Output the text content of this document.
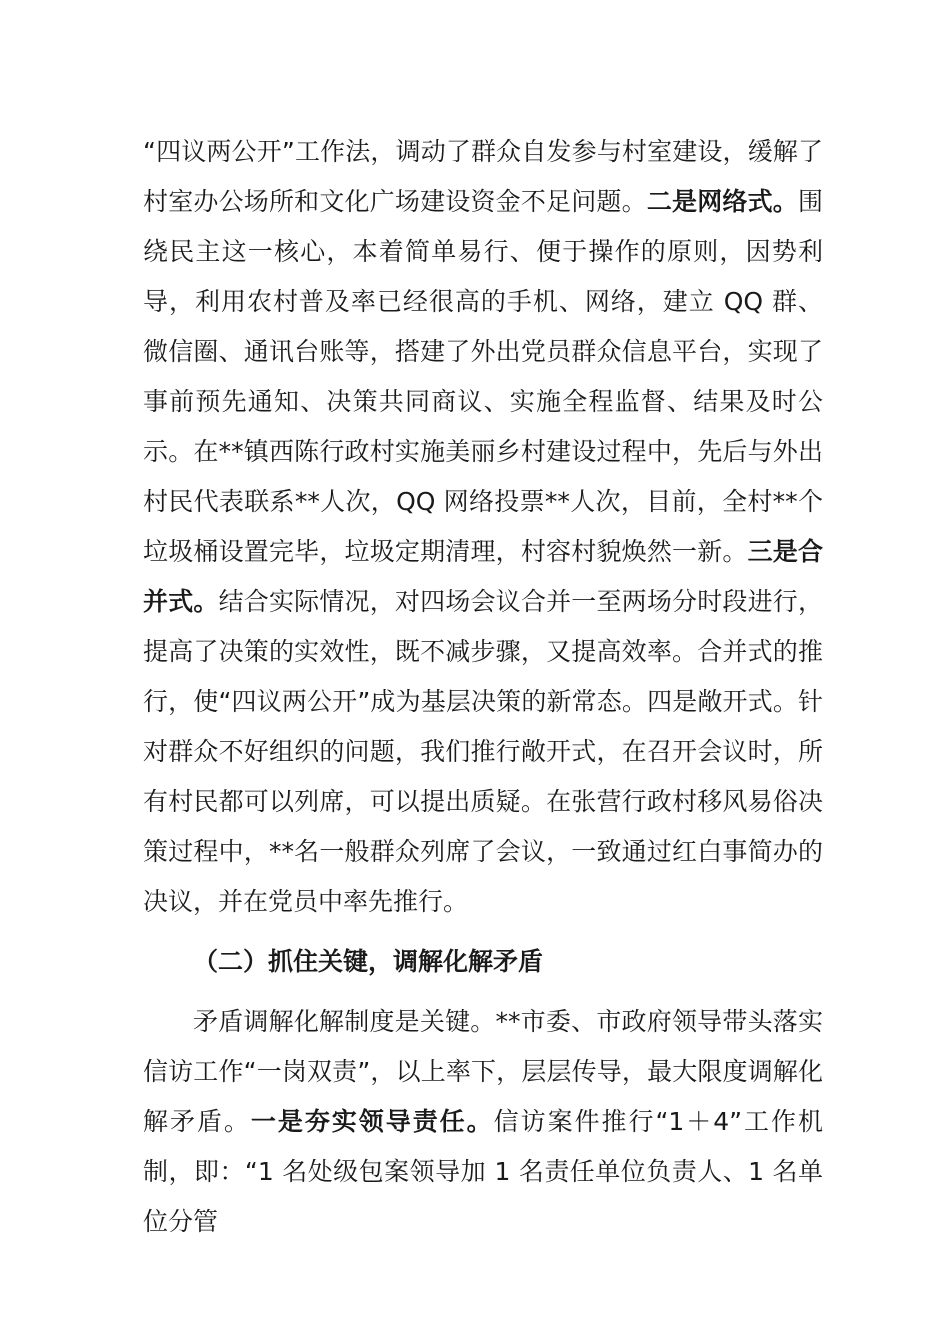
“四议两公开”工作法，调动了群众自发参与村室建设，缓解了村室办公场所和文化广场建设资金不足问题。二是网络式。围绕民主这一核心，本着简单易行、便于操作的原则，因势利导，利用农村普及率已经很高的手机、网络，建立 QQ 群、微信圈、通讯台账等，搭建了外出党员群众信息平台，实现了事前预先通知、决策共同商议、实施全程监督、结果及时公示。在**镇西陈行政村实施美丽乡村建设过程中，先后与外出村民代表联系**人次，QQ 网络投票**人次，目前，全村**个垃圾桶设置完毕，垃圾定期清理，村容村貌焕然一新。三是合并式。结合实际情况，对四场会议合并一至两场分时段进行，提高了决策的实效性，既不减步骤，又提高效率。合并式的推行，使“四议两公开”成为基层决策的新常态。四是敞开式。针对群众不好组织的问题，我们推行敞开式，在召开会议时，所有村民都可以列席，可以提出质疑。在张营行政村移风易俗决策过程中，**名一般群众列席了会议，一致通过红白事简办的决议，并在党员中率先推行。

（二）抓住关键，调解化解矛盾

矛盾调解化解制度是关键。**市委、市政府领导带头落实信访工作“一岗双责”，以上率下，层层传导，最大限度调解化解矛盾。一是夯实领导责任。信访案件推行“1＋4”工作机制，即：“1 名处级包案领导加 1 名责任单位负责人、1 名单位分管
